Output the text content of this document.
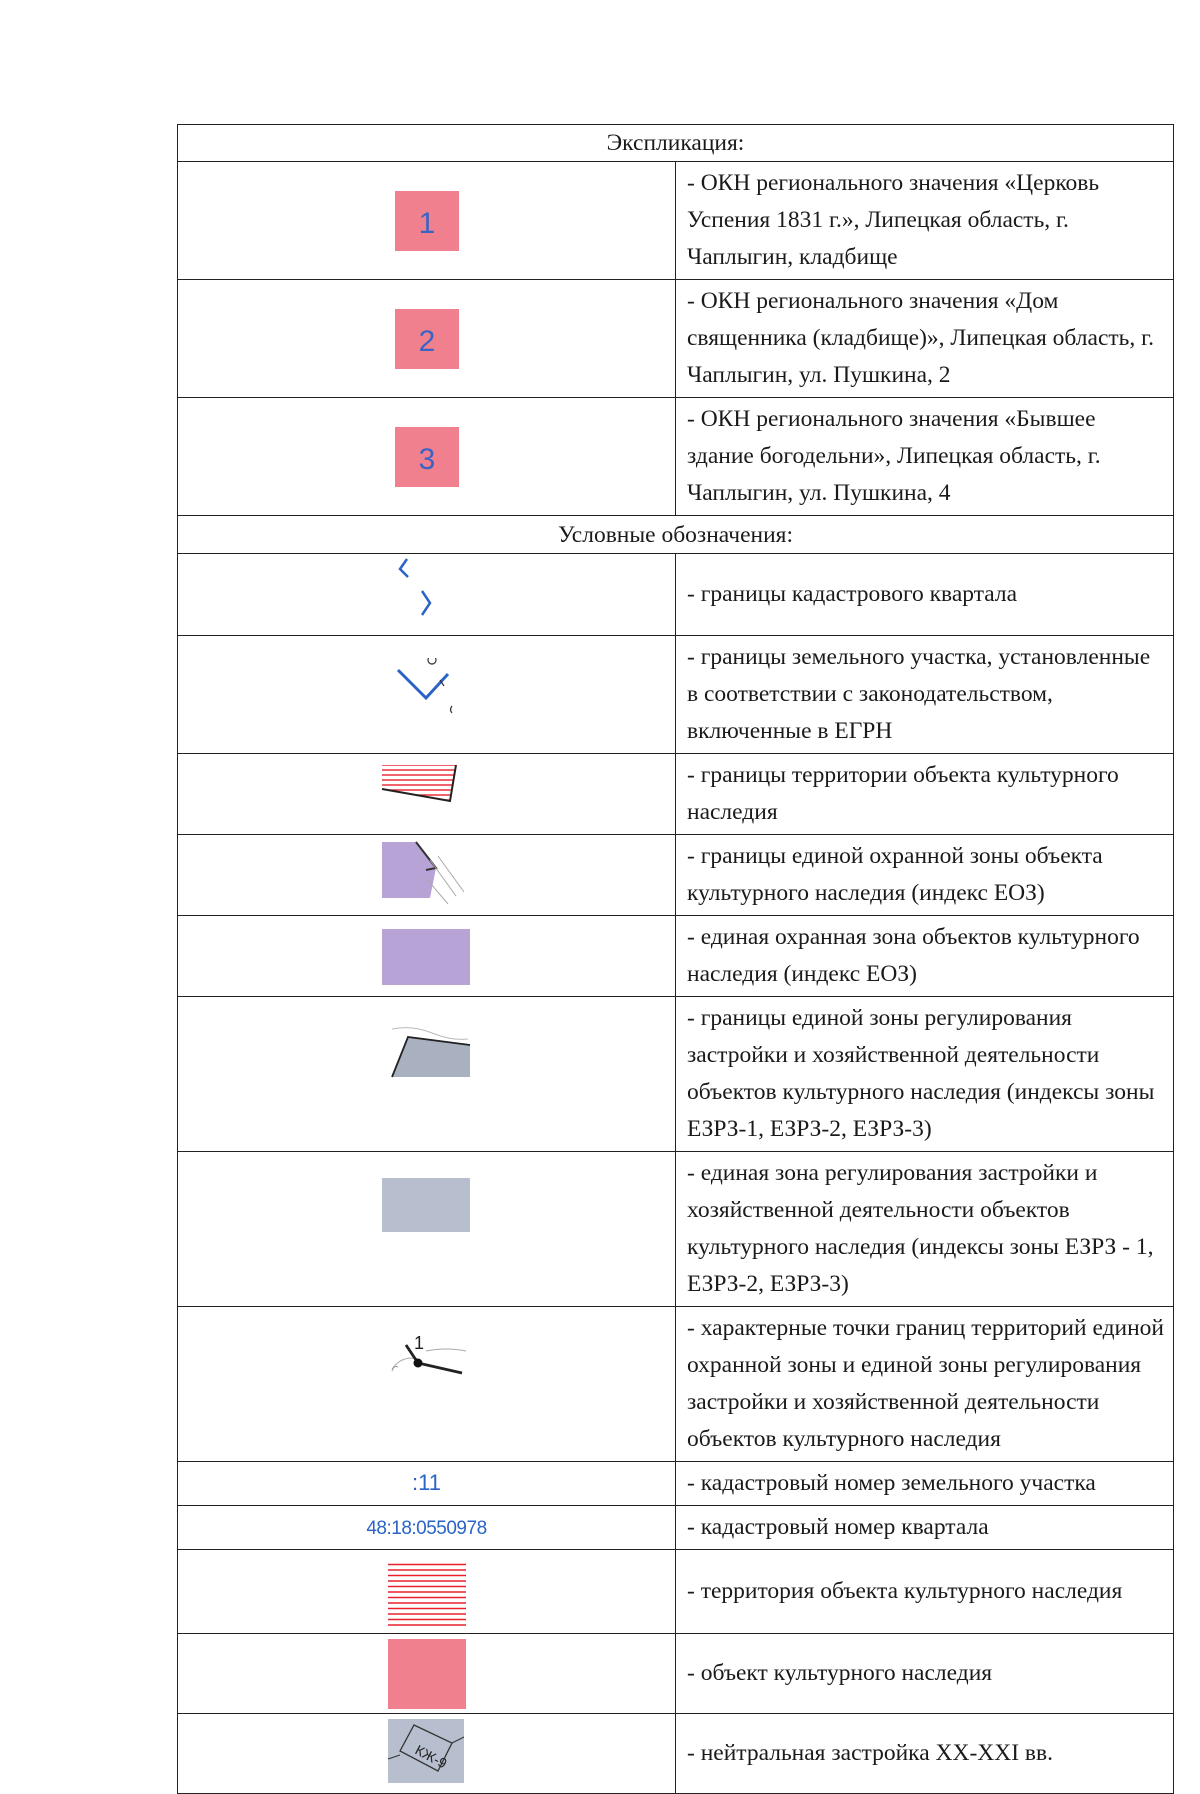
Экспликация:	

1	- ОКН регионального значения «Церковь Успения 1831 г.», Липецкая область, г. Чаплыгин, кладбище

2	- ОКН регионального значения «Дом священника (кладбище)», Липецкая область, г. Чаплыгин, ул. Пушкина, 2

3	- ОКН регионального значения «Бывшее здание богодельни», Липецкая область, г. Чаплыгин, ул. Пушкина, 4
Условные обозначения:	

	- границы кадастрового квартала

	- границы земельного участка, установленные в соответствии с законодательством, включенные в ЕГРН

	- границы территории объекта культурного наследия

	- границы единой охранной зоны объекта культурного наследия (индекс ЕОЗ)

	- единая охранная зона объектов культурного наследия (индекс ЕОЗ)

	- границы единой зоны регулирования застройки и хозяйственной деятельности объектов культурного наследия (индексы зоны ЕЗРЗ-1, ЕЗРЗ-2, ЕЗРЗ-3)

	- единая зона регулирования застройки и хозяйственной деятельности объектов культурного наследия (индексы зоны ЕЗРЗ - 1, ЕЗРЗ-2, ЕЗРЗ-3)

1	- характерные точки границ территорий единой охранной зоны и единой зоны регулирования застройки и хозяйственной деятельности объектов культурного наследия
:11	- кадастровый номер земельного участка
48:18:0550978	- кадастровый номер квартала

	- территория объекта культурного наследия

	- объект культурного наследия

КЖ-9	- нейтральная застройка XX-XXI вв.
